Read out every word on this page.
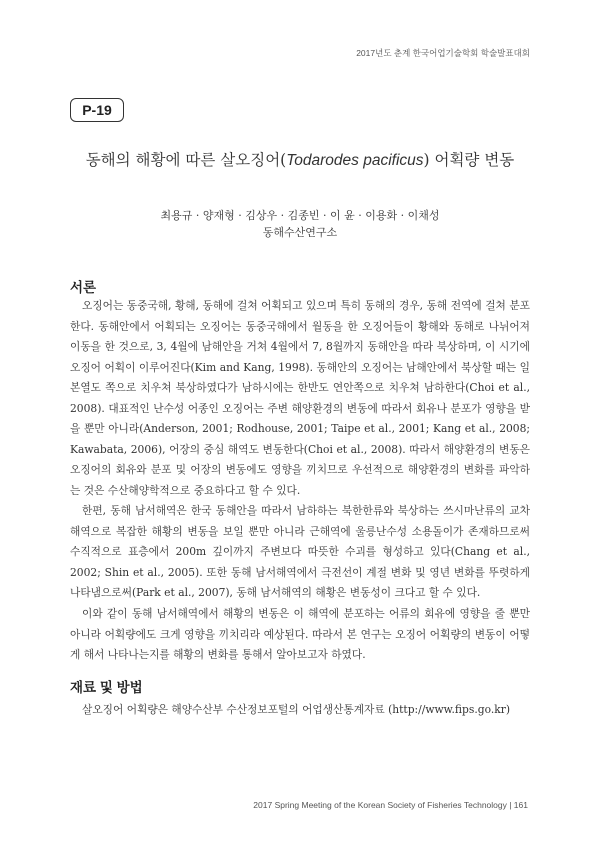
2017년도 춘계 한국어업기술학회 학술발표대회
P-19
동해의 해황에 따른 살오징어(Todarodes pacificus) 어획량 변동
최용규 · 양재형 · 김상우 · 김종빈 · 이 윤 · 이용화 · 이채성
동해수산연구소
서론

오징어는 동중국해, 황해, 동해에 걸쳐 어획되고 있으며 특히 동해의 경우, 동해 전역에 걸쳐 분포한다. 동해안에서 어획되는 오징어는 동중국해에서 월동을 한 오징어들이 황해와 동해로 나뉘어져 이동을 한 것으로, 3, 4월에 남해안을 거쳐 4월에서 7, 8월까지 동해안을 따라 북상하며, 이 시기에 오징어 어획이 이루어진다(Kim and Kang, 1998). 동해안의 오징어는 남해안에서 북상할 때는 일본열도 쪽으로 치우쳐 북상하였다가 남하시에는 한반도 연안쪽으로 치우쳐 남하한다(Choi et al., 2008). 대표적인 난수성 어종인 오징어는 주변 해양환경의 변동에 따라서 회유나 분포가 영향을 받을 뿐만 아니라(Anderson, 2001; Rodhouse, 2001; Taipe et al., 2001; Kang et al., 2008; Kawabata, 2006), 어장의 중심 해역도 변동한다(Choi et al., 2008). 따라서 해양환경의 변동은 오징어의 회유와 분포 및 어장의 변동에도 영향을 끼치므로 우선적으로 해양환경의 변화를 파악하는 것은 수산해양학적으로 중요하다고 할 수 있다.

한편, 동해 남서해역은 한국 동해안을 따라서 남하하는 북한한류와 북상하는 쓰시마난류의 교차 해역으로 복잡한 해황의 변동을 보일 뿐만 아니라 근해역에 울릉난수성 소용돌이가 존재하므로써 수직적으로 표층에서 200m 깊이까지 주변보다 따뜻한 수괴를 형성하고 있다(Chang et al., 2002; Shin et al., 2005). 또한 동해 남서해역에서 극전선이 계절 변화 및 영년 변화를 뚜렷하게 나타냄으로써(Park et al., 2007), 동해 남서해역의 해황은 변동성이 크다고 할 수 있다.

이와 같이 동해 남서해역에서 해황의 변동은 이 해역에 분포하는 어류의 회유에 영향을 줄 뿐만 아니라 어획량에도 크게 영향을 끼치리라 예상된다. 따라서 본 연구는 오징어 어획량의 변동이 어떻게 해서 나타나는지를 해황의 변화를 통해서 알아보고자 하였다.

재료 및 방법

살오징어 어획량은 해양수산부 수산정보포털의 어업생산통계자료 (http://www.fips.go.kr)

2017 Spring Meeting of the Korean Society of Fisheries Technology | 161
